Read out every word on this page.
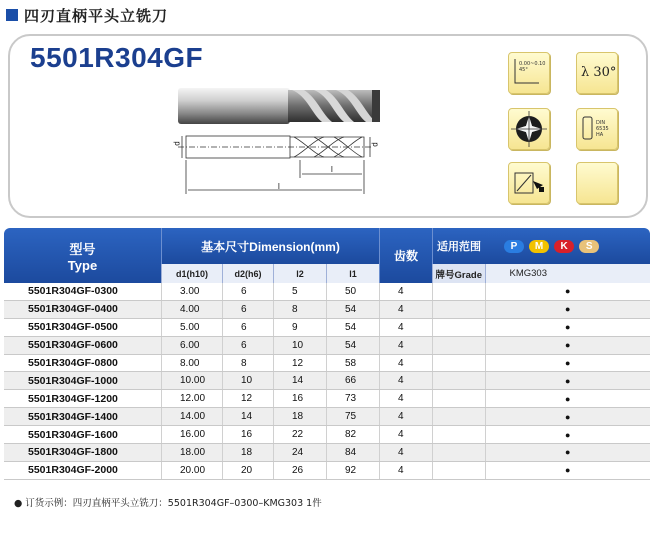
四刃直柄平头立铣刀
5501R304GF
d	d
l
l
0.00~0.10 45°	λ 30°
DIN 6535 HA
型号
Type	基本尺寸Dimension(mm)				齿数	适用范围	P M K S
	d1(h10)	d2(h6)	l2	l1		牌号Grade	KMG303
5501R304GF-0300	3.00	6	5	50	4		●
5501R304GF-0400	4.00	6	8	54	4		●
5501R304GF-0500	5.00	6	9	54	4		●
5501R304GF-0600	6.00	6	10	54	4		●
5501R304GF-0800	8.00	8	12	58	4		●
5501R304GF-1000	10.00	10	14	66	4		●
5501R304GF-1200	12.00	12	16	73	4		●
5501R304GF-1400	14.00	14	18	75	4		●
5501R304GF-1600	16.00	16	22	82	4		●
5501R304GF-1800	18.00	18	24	84	4		●
5501R304GF-2000	20.00	20	26	92	4		●
● 订货示例：四刃直柄平头立铣刀：5501R304GF–0300–KMG303 1件
